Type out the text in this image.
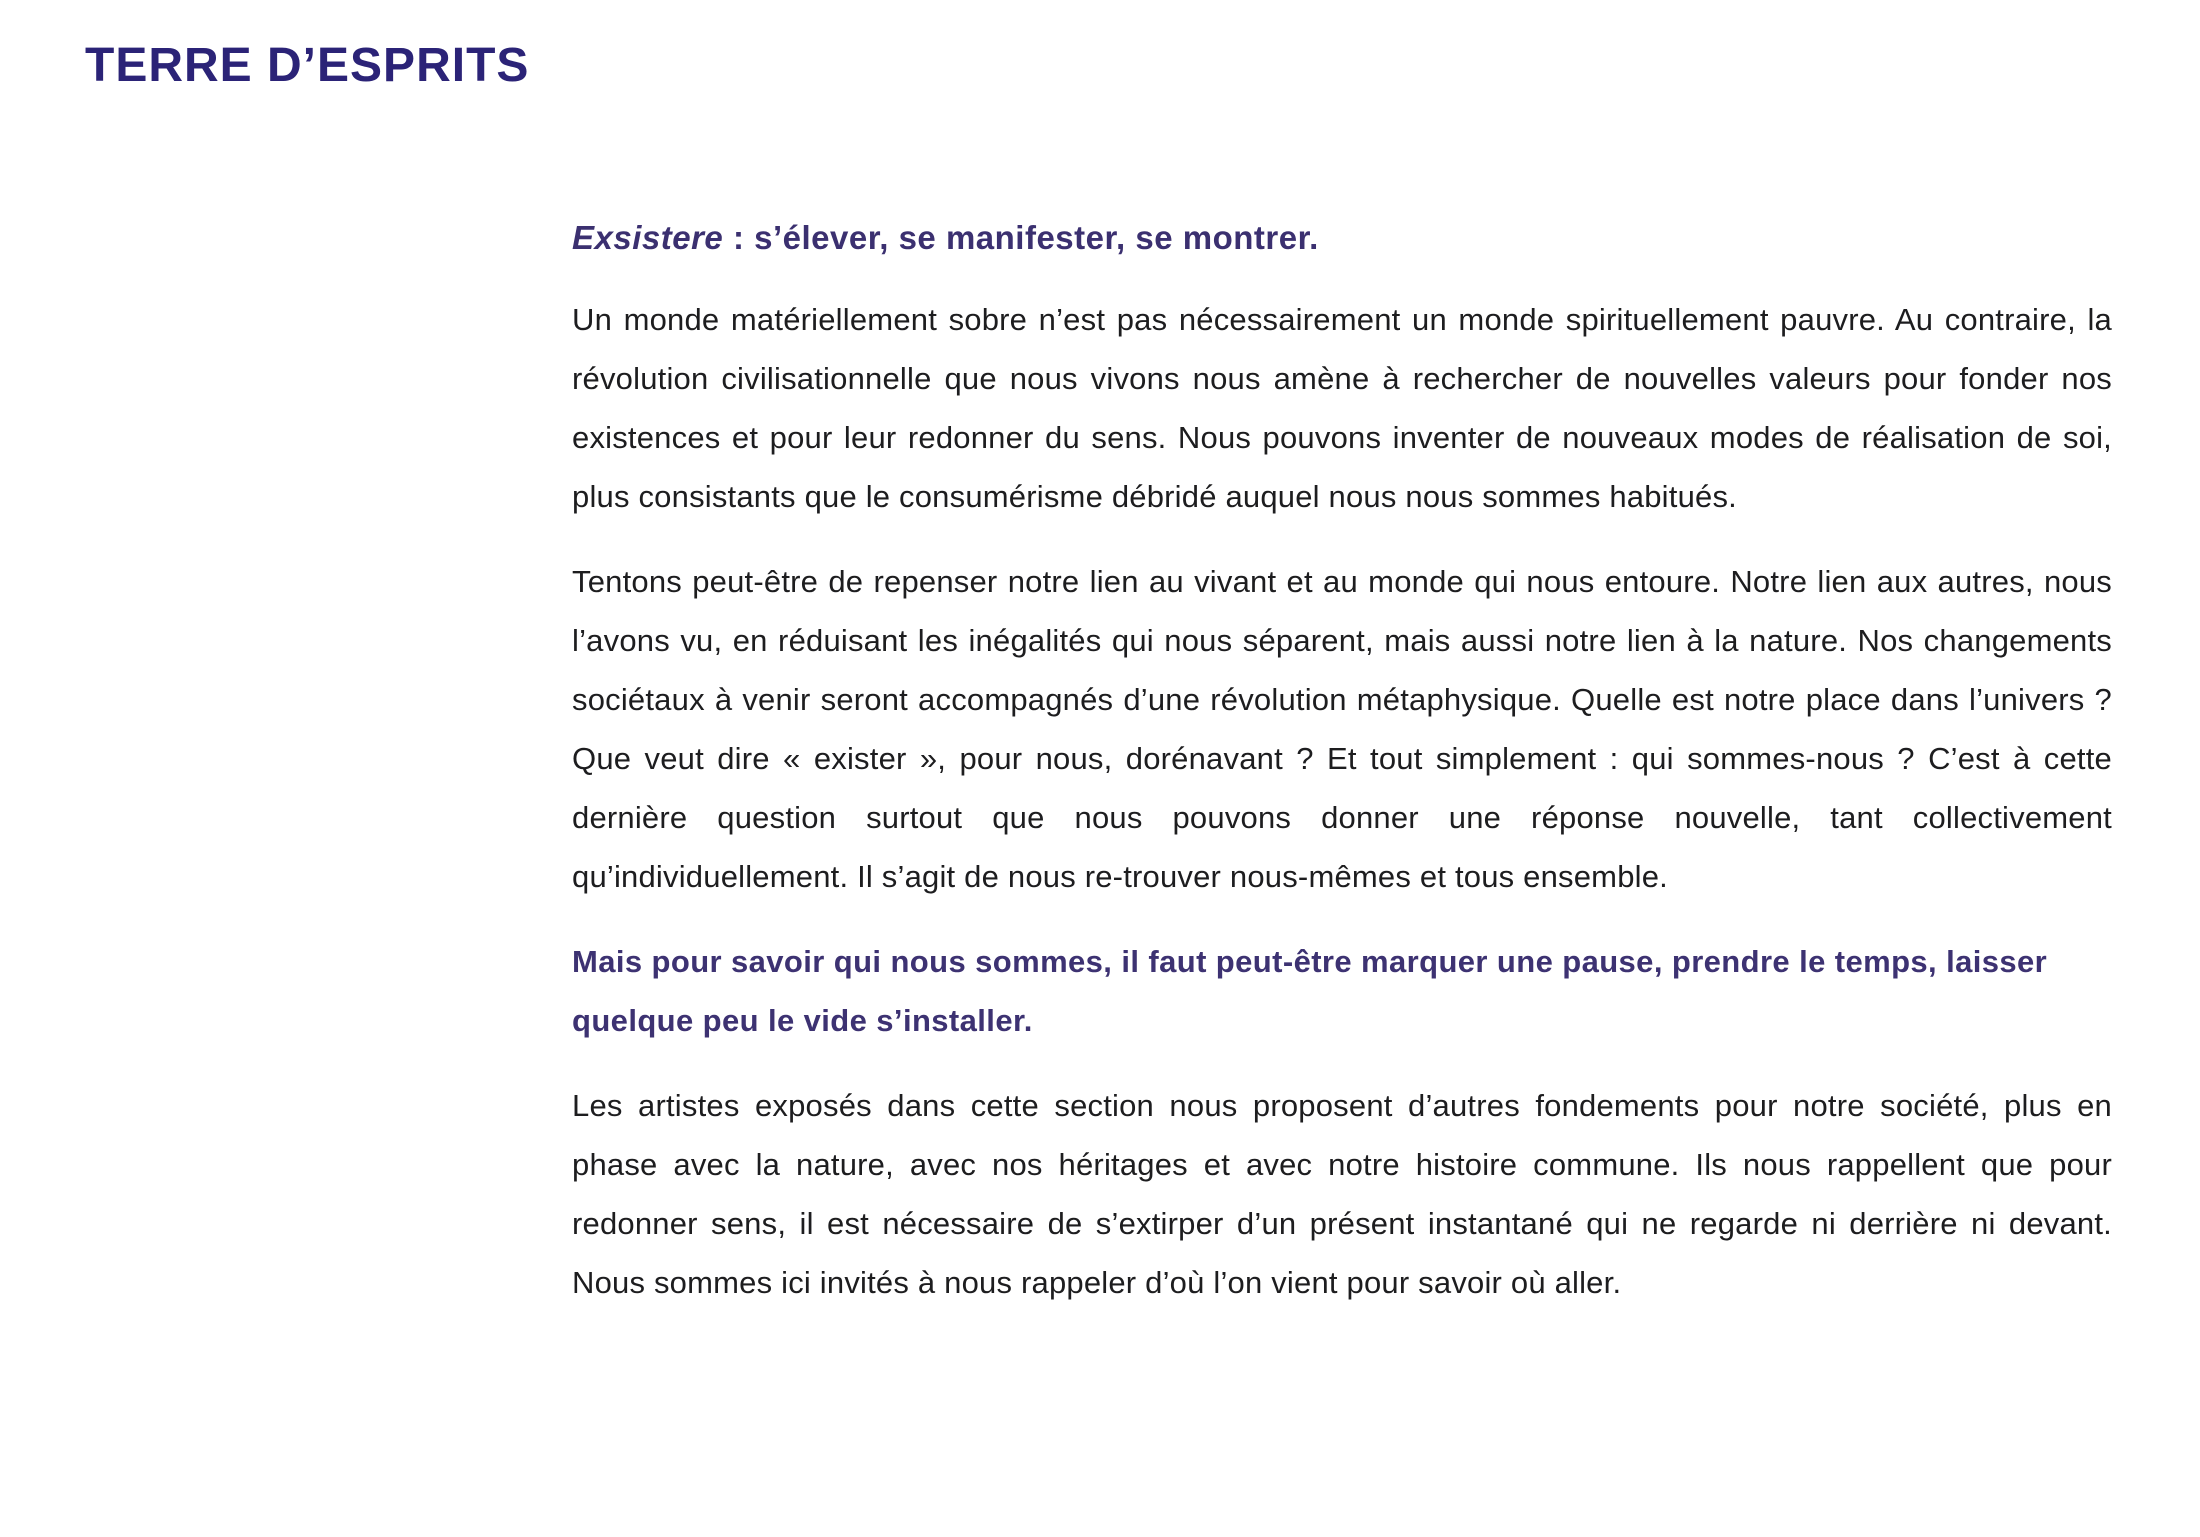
TERRE D’ESPRITS

Exsistere : s’élever, se manifester, se montrer.

Un monde matériellement sobre n’est pas nécessairement un monde spirituellement pauvre. Au contraire, la révolution civilisationnelle que nous vivons nous amène à rechercher de nouvelles valeurs pour fonder nos existences et pour leur redonner du sens. Nous pouvons inventer de nouveaux modes de réalisation de soi, plus consistants que le consumérisme débridé auquel nous nous sommes habitués.

Tentons peut-être de repenser notre lien au vivant et au monde qui nous entoure. Notre lien aux autres, nous l’avons vu, en réduisant les inégalités qui nous séparent, mais aussi notre lien à la nature. Nos changements sociétaux à venir seront accompagnés d’une révolution métaphysique. Quelle est notre place dans l’univers ? Que veut dire « exister », pour nous, dorénavant ? Et tout simplement : qui sommes-nous ? C’est à cette dernière question surtout que nous pouvons donner une réponse nouvelle, tant collectivement qu’individuellement. Il s’agit de nous re-trouver nous-mêmes et tous ensemble.

Mais pour savoir qui nous sommes, il faut peut-être marquer une pause, prendre le temps, laisser quelque peu le vide s’installer.

Les artistes exposés dans cette section nous proposent d’autres fondements pour notre société, plus en phase avec la nature, avec nos héritages et avec notre histoire commune. Ils nous rappellent que pour redonner sens, il est nécessaire de s’extirper d’un présent instantané qui ne regarde ni derrière ni devant. Nous sommes ici invités à nous rappeler d’où l’on vient pour savoir où aller.
